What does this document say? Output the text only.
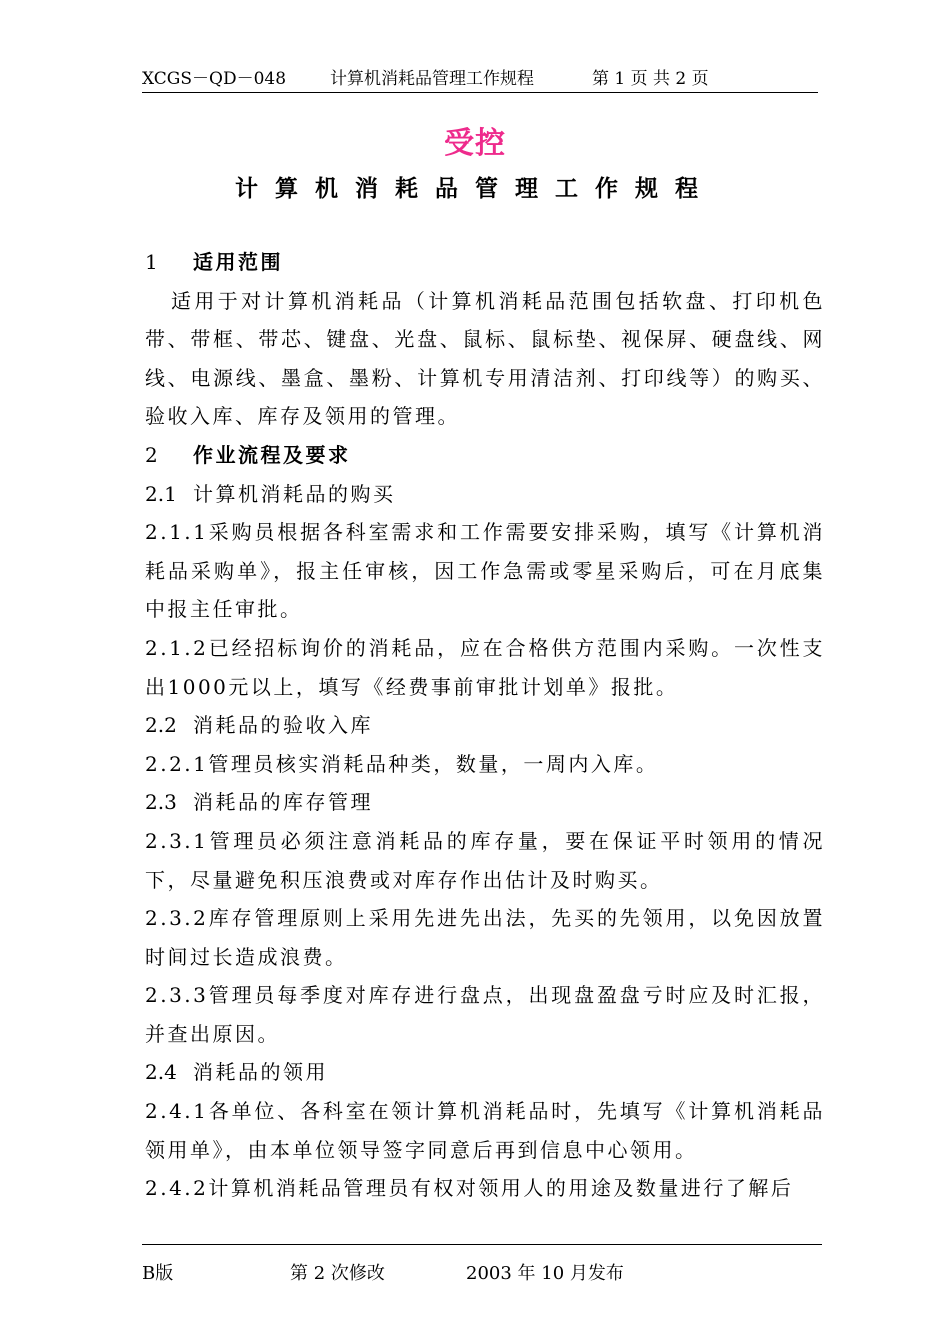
XCGS－QD－048	计算机消耗品管理工作规程	第 1 页 共 2 页
受控
计算机消耗品管理工作规程

1 适用范围

适用于对计算机消耗品（计算机消耗品范围包括软盘、打印机色带、带框、带芯、键盘、光盘、鼠标、鼠标垫、视保屏、硬盘线、网线、电源线、墨盒、墨粉、计算机专用清洁剂、打印线等）的购买、验收入库、库存及领用的管理。

2 作业流程及要求

2.1 计算机消耗品的购买

2.1.1采购员根据各科室需求和工作需要安排采购，填写《计算机消耗品采购单》，报主任审核，因工作急需或零星采购后，可在月底集中报主任审批。

2.1.2已经招标询价的消耗品，应在合格供方范围内采购。一次性支出1000元以上，填写《经费事前审批计划单》报批。

2.2 消耗品的验收入库

2.2.1管理员核实消耗品种类，数量，一周内入库。

2.3 消耗品的库存管理

2.3.1管理员必须注意消耗品的库存量，要在保证平时领用的情况下，尽量避免积压浪费或对库存作出估计及时购买。

2.3.2库存管理原则上采用先进先出法，先买的先领用，以免因放置时间过长造成浪费。

2.3.3管理员每季度对库存进行盘点，出现盘盈盘亏时应及时汇报，并查出原因。

2.4 消耗品的领用

2.4.1各单位、各科室在领计算机消耗品时，先填写《计算机消耗品领用单》，由本单位领导签字同意后再到信息中心领用。

2.4.2计算机消耗品管理员有权对领用人的用途及数量进行了解后

B版	第 2 次修改	2003 年 10 月发布
